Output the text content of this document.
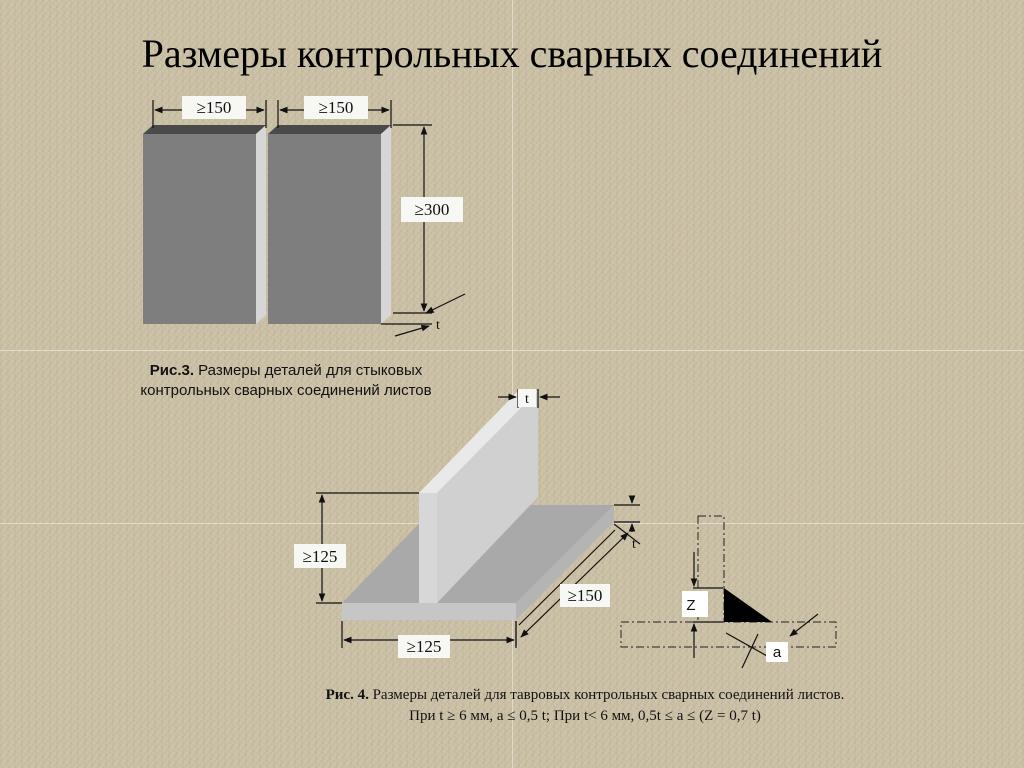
Размеры контрольных сварных соединений
≥150	≥150
≥300
t
t
t
≥125
≥150
≥125
Z
a
Рис.3. Размеры деталей для стыковых контрольных сварных соединений листов
Рис. 4. Размеры деталей для тавровых контрольных сварных соединений листов.
При t ≥ 6 мм, a ≤ 0,5 t; При t< 6 мм, 0,5t ≤ a ≤ (Z = 0,7 t)
